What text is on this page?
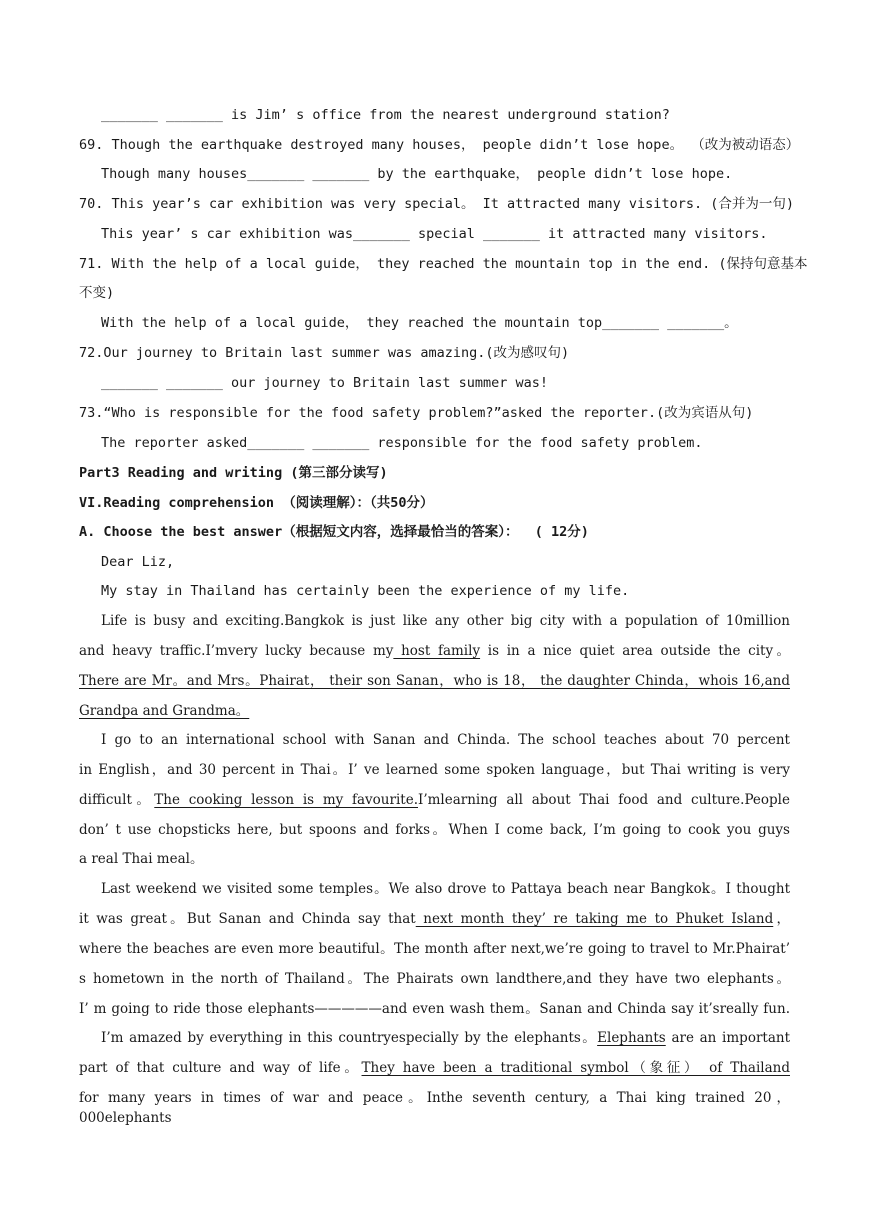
_______ _______ is Jim’ s office from the nearest underground station?
69. Though the earthquake destroyed many houses， people didn’t lose hope。 （改为被动语态）
Though many houses_______ _______ by the earthquake， people didn’t lose hope.
70. This year’s car exhibition was very special。 It attracted many visitors. (合并为一句)
This year’ s car exhibition was_______ special _______ it attracted many visitors.
71. With the help of a local guide， they reached the mountain top in the end. (保持句意基本
不变)
With the help of a local guide， they reached the mountain top_______ _______。
72.Our journey to Britain last summer was amazing.(改为感叹句)
_______ _______ our journey to Britain last summer was!
73.“Who is responsible for the food safety problem?”asked the reporter.(改为宾语从句)
The reporter asked_______ _______ responsible for the food safety problem.
Part3 Reading and writing (第三部分读写)
VI.Reading comprehension （阅读理解）：（共50分）
A. Choose the best answer（根据短文内容，选择最恰当的答案）：  ( 12分)
Dear Liz,
My stay in Thailand has certainly been the experience of my life.
Life is busy and exciting.Bangkok is just like any other big city with a population of 10million
and heavy traffic.I’mvery lucky because my host family is in a nice quiet area outside the city。
There are Mr。and Mrs。Phairat， their son Sanan，who is 18， the daughter Chinda，whois 16,and
Grandpa and Grandma。
I go to an international school with Sanan and Chinda. The school teaches about 70 percent
in English，and 30 percent in Thai。I’ ve learned some spoken language，but Thai writing is very
difficult。The cooking lesson is my favourite.I’mlearning all about Thai food and culture.People
don’ t use chopsticks here, but spoons and forks。When I come back, I’m going to cook you guys
a real Thai meal。
Last weekend we visited some temples。We also drove to Pattaya beach near Bangkok。I thought
it was great。But Sanan and Chinda say that next month they’ re taking me to Phuket Island，
where the beaches are even more beautiful。The month after next,we’re going to travel to Mr.Phairat’
s hometown in the north of Thailand。The Phairats own landthere,and they have two elephants。
I’ m going to ride those elephants—————and even wash them。Sanan and Chinda say it’sreally fun.
I’m amazed by everything in this countryespecially by the elephants。Elephants are an important
part of that culture and way of life。They have been a traditional symbol（象征） of Thailand
for many years in times of war and peace。Inthe seventh century, a Thai king trained 20，000elephants
